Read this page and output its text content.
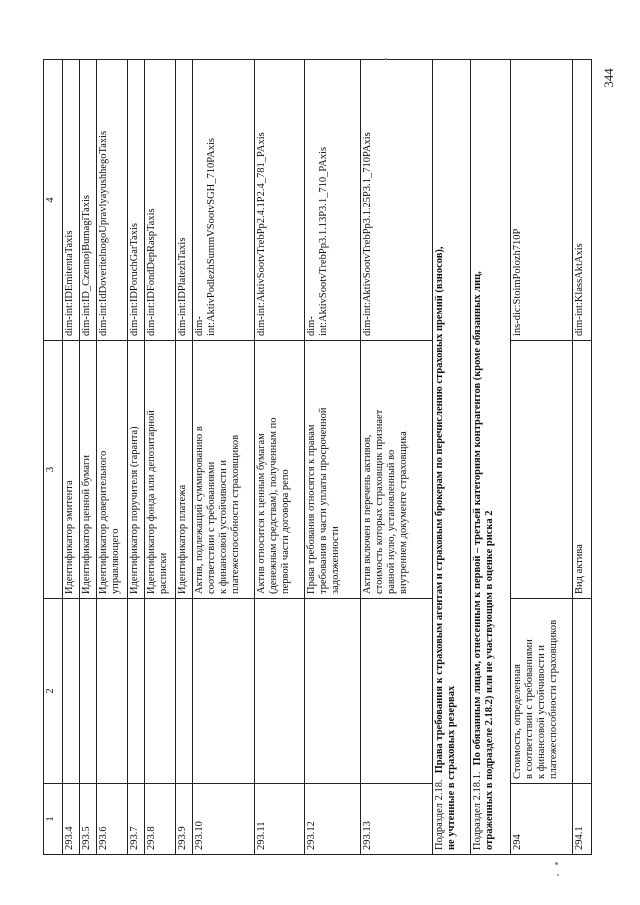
1	2	3	4
293.4		Идентификатор эмитента	dim-int:IDEmitentaTaxis
293.5		Идентификатор ценной бумаги	dim-int:ID_CzennojBumagiTaxis
293.6		Идентификатор доверительного
управляющего	dim-int:IdDoveritelnogoUpravlyayushhegoTaxis
293.7		Идентификатор поручителя (гаранта)	dim-int:IDPoruchGarTaxis
293.8		Идентификатор фонда или депозитарной
расписки	dim-int:IDFondDepRaspTaxis
293.9		Идентификатор платежа	dim-int:IDPlatezhTaxis
293.10		Актив, подлежащий суммированию в
соответствии с требованиями
к финансовой устойчивости и
платежеспособности страховщиков	dim-
int:AktivPodlezhSummVSootvSGH_710PAxis
293.11		Актив относится к ценным бумагам
(денежным средствам), полученным по
первой части договора репо	dim-int:AktivSootvTrebPp2.4.1P2.4_781_PAxis
293.12		Права требования относятся к правам
требования в части уплаты просроченной
задолженности	dim-
int:AktivSootvTrebPp3.1.13P3.1_710_PAxis
293.13		Актив включен в перечень активов,
стоимость которых страховщик признает
равной нулю, установленный во
внутреннем документе страховщика	dim-int:AktivSootvTrebPp3.1.25P3.1_710PAxis
Подраздел 2.18.Права требования к страховым агентам и страховым брокерам по перечислению страховых премий (взносов),
не учтенные в страховых резервах			
Подраздел 2.18.1.По обязанным лицам, отнесенным к первой – третьей категориям контрагентов (кроме обязанных лиц,
отраженных в подразделе 2.18.2) или не участвующим в оценке риска 2			
294	Стоимость, определенная
в соответствии с требованиями
к финансовой устойчивости и
платежеспособности страховщиков		ins-dic:StoimPolozh710P
294.1		Вид актива	dim-int:KlassAktAxis
344
